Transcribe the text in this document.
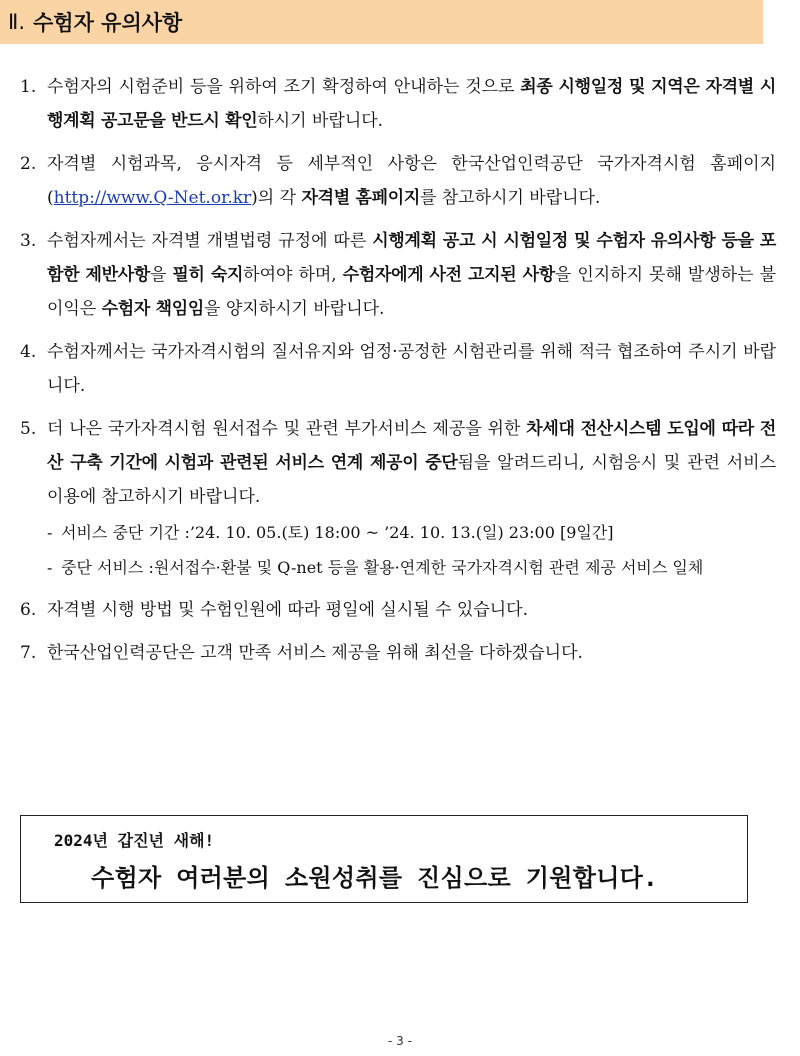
Ⅱ. 수험자 유의사항
1. 수험자의 시험준비 등을 위하여 조기 확정하여 안내하는 것으로 최종 시행일정 및 지역은 자격별 시행계획 공고문을 반드시 확인하시기 바랍니다.
2. 자격별 시험과목, 응시자격 등 세부적인 사항은 한국산업인력공단 국가자격시험 홈페이지(http://www.Q-Net.or.kr)의 각 자격별 홈페이지를 참고하시기 바랍니다.
3. 수험자께서는 자격별 개별법령 규정에 따른 시행계획 공고 시 시험일정 및 수험자 유의사항 등을 포함한 제반사항을 필히 숙지하여야 하며, 수험자에게 사전 고지된 사항을 인지하지 못해 발생하는 불이익은 수험자 책임임을 양지하시기 바랍니다.
4. 수험자께서는 국가자격시험의 질서유지와 엄정·공정한 시험관리를 위해 적극 협조하여 주시기 바랍니다.
5. 더 나은 국가자격시험 원서접수 및 관련 부가서비스 제공을 위한 차세대 전산시스템 도입에 따라 전산 구축 기간에 시험과 관련된 서비스 연계 제공이 중단됨을 알려드리니, 시험응시 및 관련 서비스 이용에 참고하시기 바랍니다.
- 서비스 중단 기간 : ’24. 10. 05.(토) 18:00 ~ ’24. 10. 13.(일) 23:00 [9일간]
- 중단 서비스 : 원서접수·환불 및 Q-net 등을 활용·연계한 국가자격시험 관련 제공 서비스 일체
6. 자격별 시행 방법 및 수험인원에 따라 평일에 실시될 수 있습니다.
7. 한국산업인력공단은 고객 만족 서비스 제공을 위해 최선을 다하겠습니다.
2024년 갑진년 새해!
수험자 여러분의 소원성취를 진심으로 기원합니다.
- 3 -
